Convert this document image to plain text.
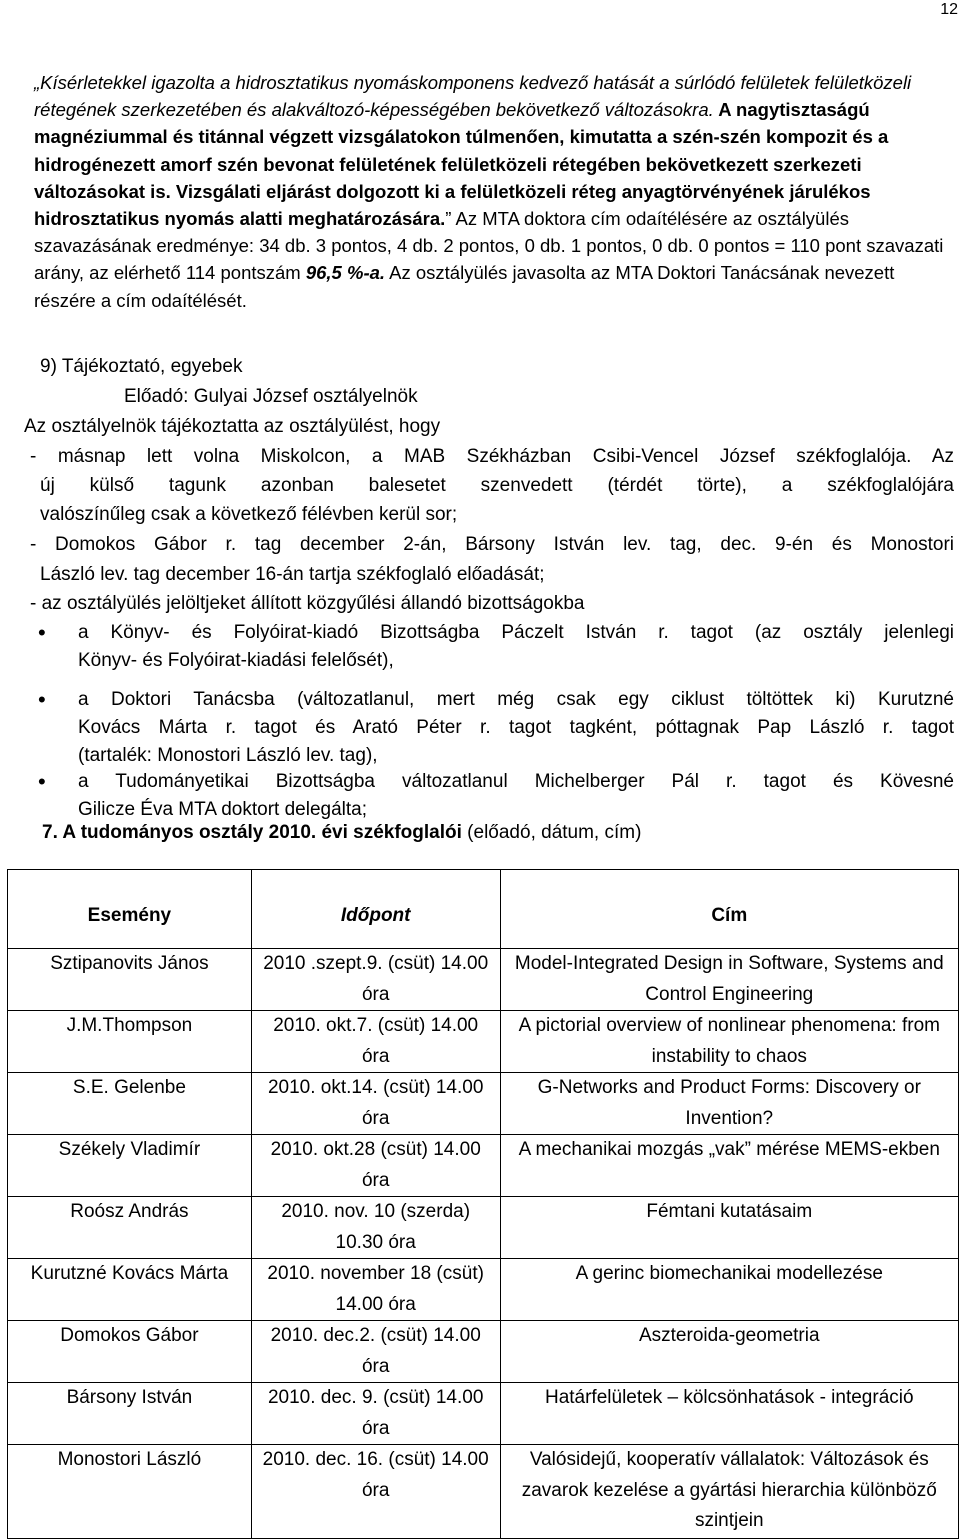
12
„Kísérletekkel igazolta a hidrosztatikus nyomáskomponens kedvező hatását a súrlódó felületek felületközeli rétegének szerkezetében és alakváltozó-képességében bekövetkező változásokra. A nagytisztaságú magnéziummal és titánnal végzett vizsgálatokon túlmenően, kimutatta a szén-szén kompozit és a hidrogénezett amorf szén bevonat felületének felületközeli rétegében bekövetkezett szerkezeti változásokat is. Vizsgálati eljárást dolgozott ki a felületközeli réteg anyagtörvényének járulékos hidrosztatikus nyomás alatti meghatározására.” Az MTA doktora cím odaítélésére az osztályülés szavazásának eredménye: 34 db. 3 pontos, 4 db. 2 pontos, 0 db. 1 pontos, 0 db. 0 pontos = 110 pont szavazati arány, az elérhető 114 pontszám 96,5 %-a. Az osztályülés javasolta az MTA Doktori Tanácsának nevezett részére a cím odaítélését.
9) Tájékoztató, egyebek
Előadó: Gulyai József osztályelnök
Az osztályelnök tájékoztatta az osztályülést, hogy
- másnap lett volna Miskolcon, a MAB Székházban Csibi-Vencel József székfoglalója. Az
új külső tagunk azonban balesetet szenvedett (térdét törte), a székfoglalójára
valószínűleg csak a következő félévben kerül sor;
- Domokos Gábor r. tag december 2-án, Bársony István lev. tag, dec. 9-én és Monostori
László lev. tag december 16-án tartja székfoglaló előadását;
- az osztályülés jelöltjeket állított közgyűlési állandó bizottságokba
• a Könyv- és Folyóirat-kiadó Bizottságba Páczelt István r. tagot (az osztály jelenlegi
Könyv- és Folyóirat-kiadási felelősét),
• a Doktori Tanácsba (változatlanul, mert még csak egy ciklust töltöttek ki) Kurutzné
Kovács Márta r. tagot és Arató Péter r. tagot tagként, póttagnak Pap László r. tagot
(tartalék: Monostori László lev. tag),
• a Tudományetikai Bizottságba változatlanul Michelberger Pál r. tagot és Kövesné
Gilicze Éva MTA doktort delegálta;
7. A tudományos osztály 2010. évi székfoglalói (előadó, dátum, cím)
Esemény	Időpont	Cím
Sztipanovits János	2010 .szept.9. (csüt) 14.00 óra	Model-Integrated Design in Software, Systems and Control Engineering
J.M.Thompson	2010. okt.7. (csüt) 14.00 óra	A pictorial overview of nonlinear phenomena: from instability to chaos
S.E. Gelenbe	2010. okt.14. (csüt) 14.00 óra	G-Networks and Product Forms: Discovery or Invention?
Székely Vladimír	2010. okt.28 (csüt) 14.00 óra	A mechanikai mozgás „vak” mérése MEMS-ekben
Roósz András	2010. nov. 10 (szerda) 10.30 óra	Fémtani kutatásaim
Kurutzné Kovács Márta	2010. november 18 (csüt) 14.00 óra	A gerinc biomechanikai modellezése
Domokos Gábor	2010. dec.2. (csüt) 14.00 óra	Aszteroida-geometria
Bársony István	2010. dec. 9. (csüt) 14.00 óra	Határfelületek – kölcsönhatások - integráció
Monostori László	2010. dec. 16. (csüt) 14.00 óra	Valósidejű, kooperatív vállalatok: Változások és zavarok kezelése a gyártási hierarchia különböző szintjein
